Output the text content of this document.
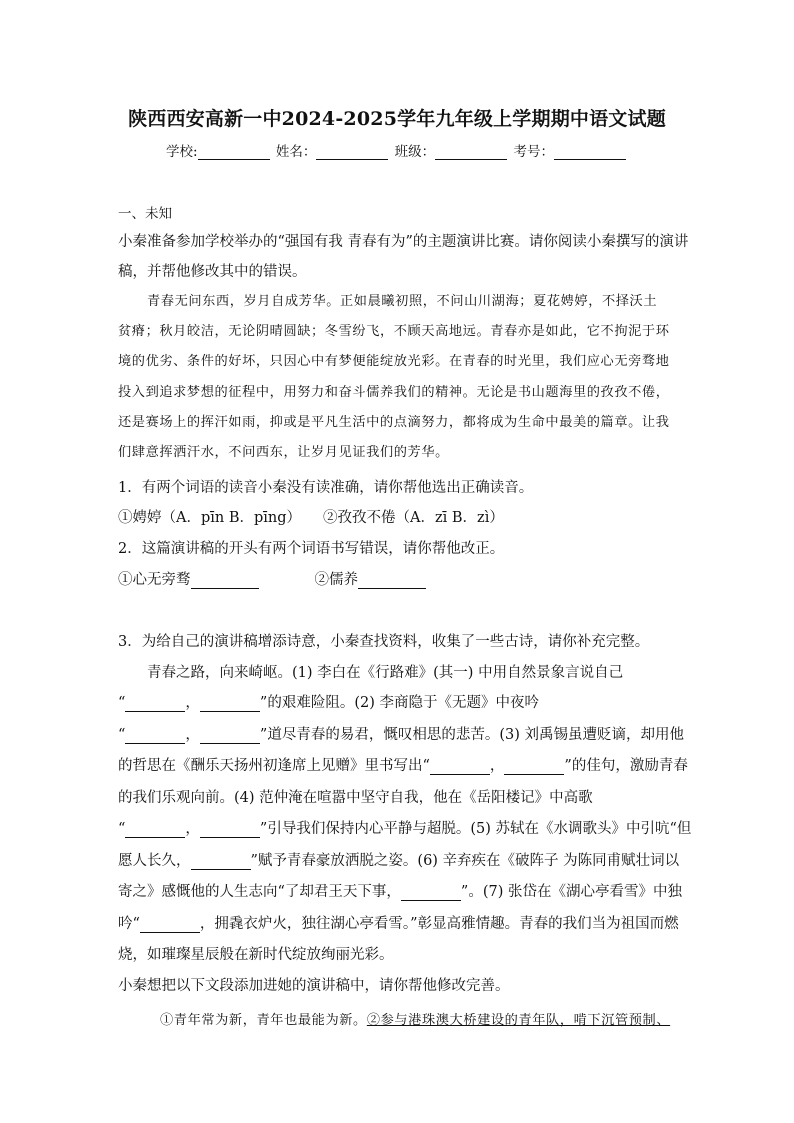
陕西西安高新一中2024-2025学年九年级上学期期中语文试题
学校:	姓名：	班级：	考号：
一、未知
小秦准备参加学校举办的“强国有我 青春有为”的主题演讲比赛。请你阅读小秦撰写的演讲
稿，并帮他修改其中的错误。
青春无问东西，岁月自成芳华。正如晨曦初照，不问山川湖海；夏花娉婷，不择沃土
贫瘠；秋月皎洁，无论阴晴圆缺；冬雪纷飞，不顾天高地远。青春亦是如此，它不拘泥于环
境的优劣、条件的好坏，只因心中有梦便能绽放光彩。在青春的时光里，我们应心无旁骛地
投入到追求梦想的征程中，用努力和奋斗儒养我们的精神。无论是书山题海里的孜孜不倦，
还是赛场上的挥汗如雨，抑或是平凡生活中的点滴努力，都将成为生命中最美的篇章。让我
们肆意挥洒汗水，不问西东，让岁月见证我们的芳华。
1．有两个词语的读音小秦没有读准确，请你帮他选出正确读音。
①娉婷（A．pīn B．pīng） ②孜孜不倦（A．zī B．zì）
2．这篇演讲稿的开头有两个词语书写错误，请你帮他改正。
①心无旁骛	②儒养
3．为给自己的演讲稿增添诗意，小秦查找资料，收集了一些古诗，请你补充完整。
青春之路，向来崎岖。(1) 李白在《行路难》(其一) 中用自然景象言说自己
“	，	”的艰难险阻。(2) 李商隐于《无题》中夜吟
“	，	”道尽青春的易君，慨叹相思的悲苦。(3) 刘禹锡虽遭贬谪，却用他
的哲思在《酬乐天扬州初逢席上见赠》里书写出“	，	”的佳句，激励青春
的我们乐观向前。(4) 范仲淹在喧嚣中坚守自我，他在《岳阳楼记》中高歌
“	，	”引导我们保持内心平静与超脱。(5) 苏轼在《水调歌头》中引吭“但
愿人长久，	”赋予青春豪放洒脱之姿。(6) 辛弃疾在《破阵子 为陈同甫赋壮词以
寄之》感慨他的人生志向“了却君王天下事，	”。(7) 张岱在《湖心亭看雪》中独
吟“	，拥毳衣炉火，独往湖心亭看雪。”彰显高雅情趣。青春的我们当为祖国而燃
烧，如璀璨星辰般在新时代绽放绚丽光彩。
小秦想把以下文段添加进她的演讲稿中，请你帮他修改完善。
①青年常为新，青年也最能为新。②参与港珠澳大桥建设的青年队，啃下沉管预制、
